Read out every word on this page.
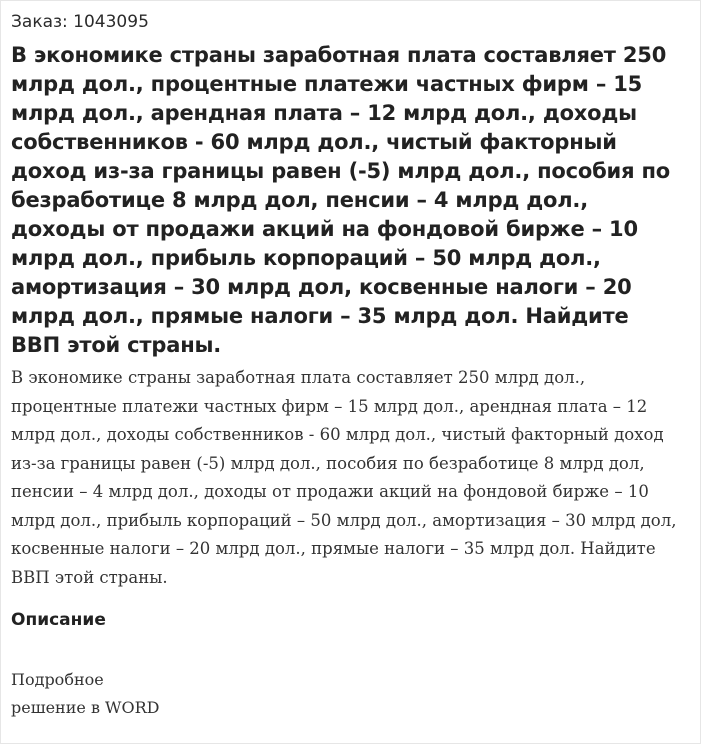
Заказ: 1043095
В экономике страны заработная плата составляет 250 млрд дол., процентные платежи частных фирм – 15 млрд дол., арендная плата – 12 млрд дол., доходы собственников - 60 млрд дол., чистый факторный доход из-за границы равен (-5) млрд дол., пособия по безработице 8 млрд дол, пенсии – 4 млрд дол., доходы от продажи акций на фондовой бирже – 10 млрд дол., прибыль корпораций – 50 млрд дол., амортизация – 30 млрд дол, косвенные налоги – 20 млрд дол., прямые налоги – 35 млрд дол. Найдите ВВП этой страны.
В экономике страны заработная плата составляет 250 млрд дол., процентные платежи частных фирм – 15 млрд дол., арендная плата – 12 млрд дол., доходы собственников - 60 млрд дол., чистый факторный доход из-за границы равен (-5) млрд дол., пособия по безработице 8 млрд дол, пенсии – 4 млрд дол., доходы от продажи акций на фондовой бирже – 10 млрд дол., прибыль корпораций – 50 млрд дол., амортизация – 30 млрд дол, косвенные налоги – 20 млрд дол., прямые налоги – 35 млрд дол. Найдите ВВП этой страны.
Описание
Подробное
решение в WORD
